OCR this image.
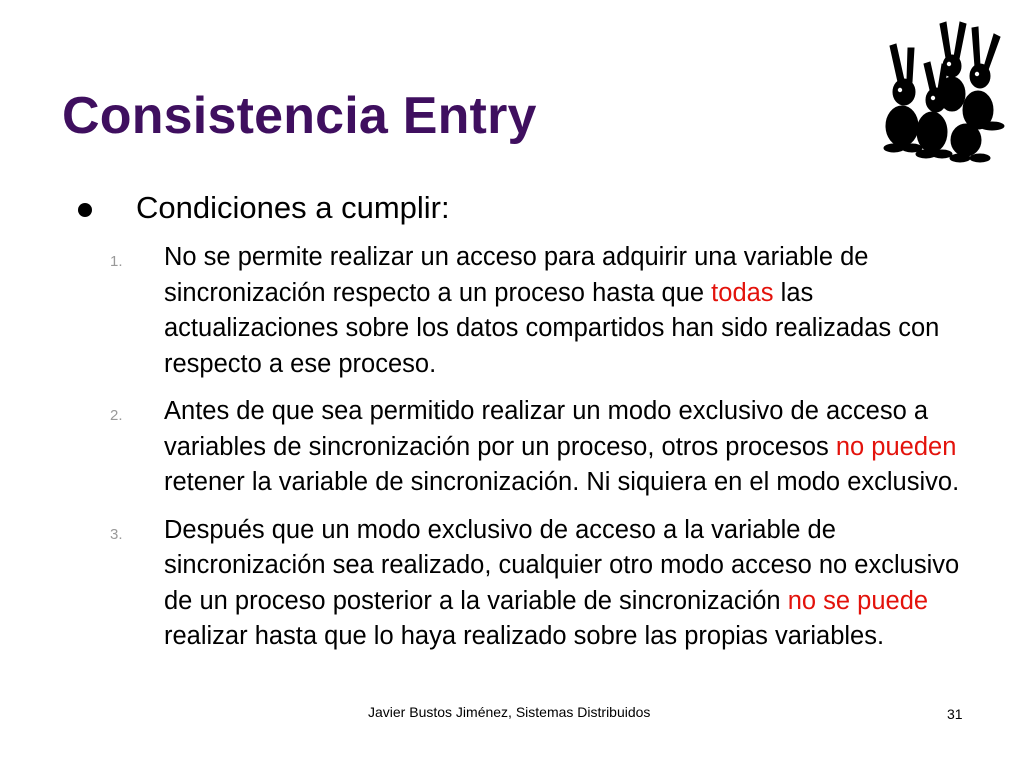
Consistencia Entry
Condiciones a cumplir:
1. No se permite realizar un acceso para adquirir una variable de sincronización respecto a un proceso hasta que todas las actualizaciones sobre los datos compartidos han sido realizadas con respecto a ese proceso.
2. Antes de que sea permitido realizar un modo exclusivo de acceso a variables de sincronización por un proceso, otros procesos no pueden retener la variable de sincronización. Ni siquiera en el modo exclusivo.
3. Después que un modo exclusivo de acceso a la variable de sincronización sea realizado, cualquier otro modo acceso no exclusivo de un proceso posterior a la variable de sincronización no se puede realizar hasta que lo haya realizado sobre las propias variables.
Javier Bustos Jiménez, Sistemas Distribuidos	31
